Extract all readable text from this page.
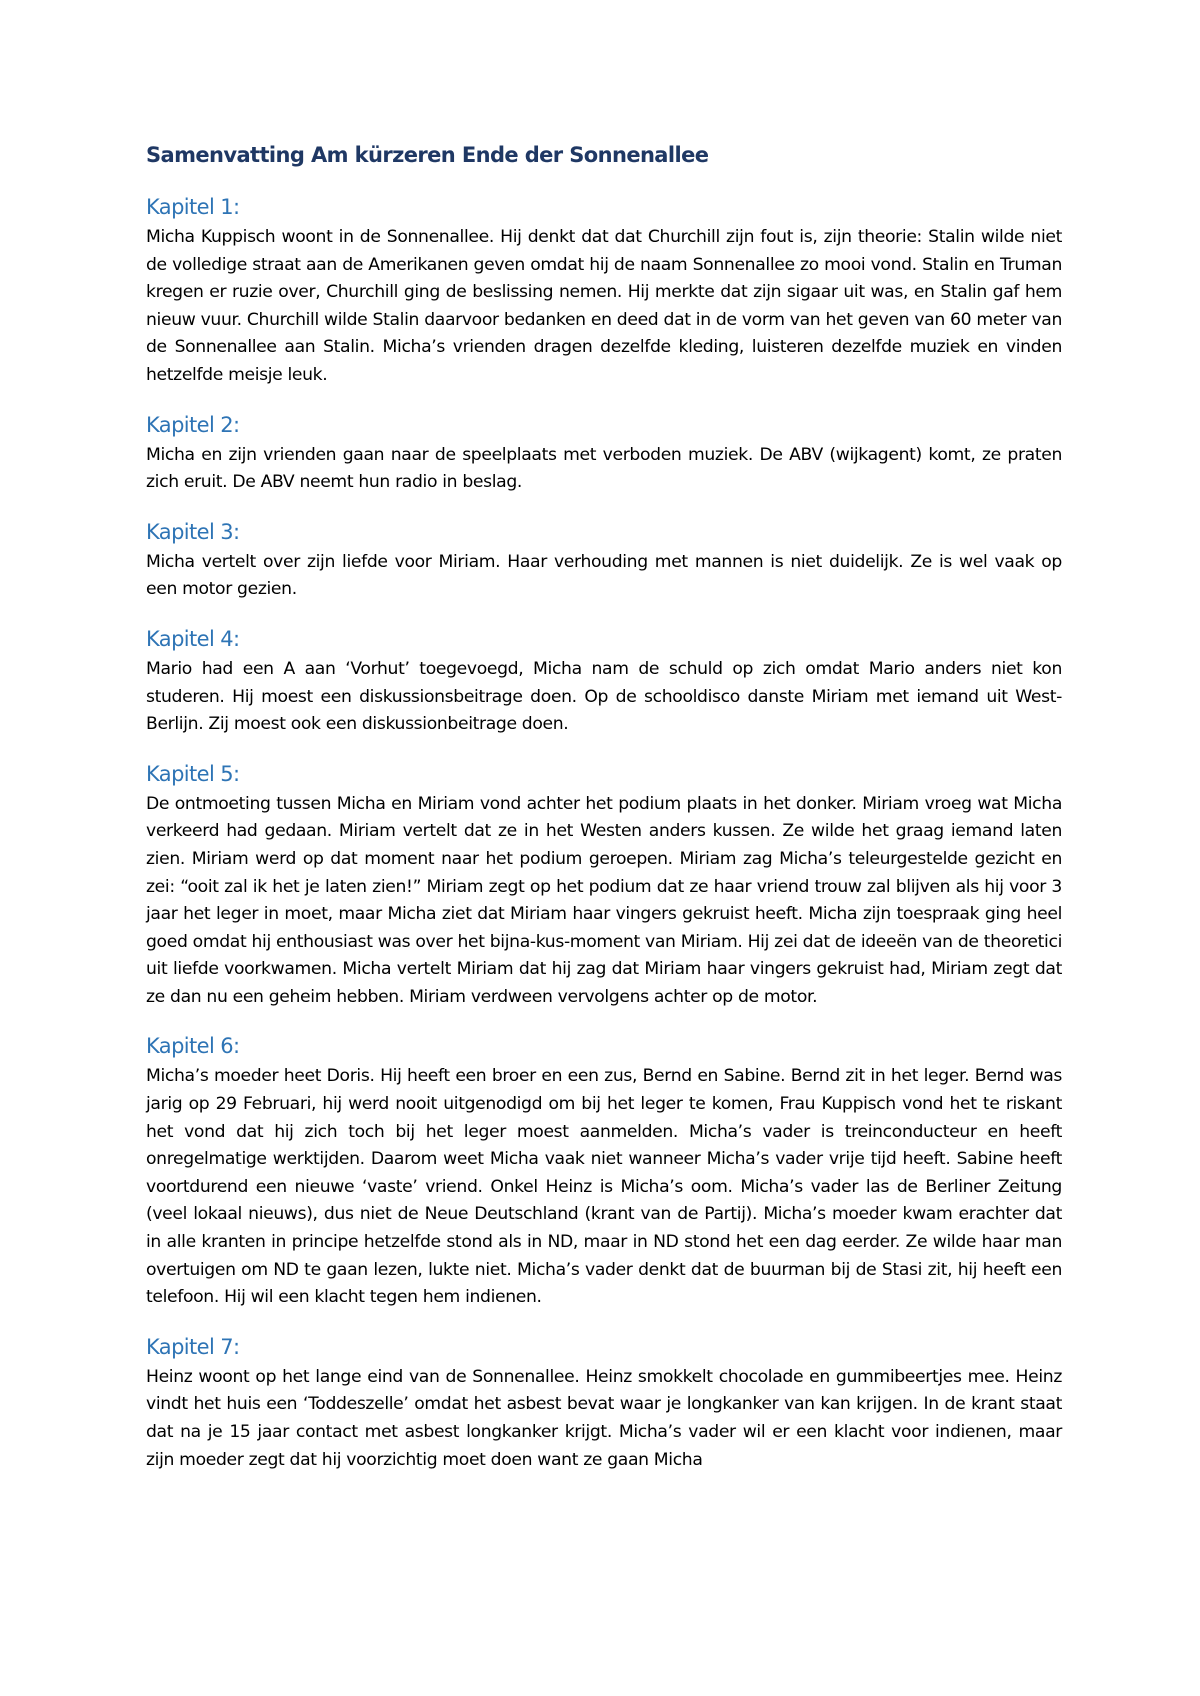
Samenvatting Am kürzeren Ende der Sonnenallee
Kapitel 1:

Micha Kuppisch woont in de Sonnenallee. Hij denkt dat dat Churchill zijn fout is, zijn theorie: Stalin wilde niet de volledige straat aan de Amerikanen geven omdat hij de naam Sonnenallee zo mooi vond. Stalin en Truman kregen er ruzie over, Churchill ging de beslissing nemen. Hij merkte dat zijn sigaar uit was, en Stalin gaf hem nieuw vuur. Churchill wilde Stalin daarvoor bedanken en deed dat in de vorm van het geven van 60 meter van de Sonnenallee aan Stalin. Micha’s vrienden dragen dezelfde kleding, luisteren dezelfde muziek en vinden hetzelfde meisje leuk.

Kapitel 2:

Micha en zijn vrienden gaan naar de speelplaats met verboden muziek. De ABV (wijkagent) komt, ze praten zich eruit. De ABV neemt hun radio in beslag.

Kapitel 3:

Micha vertelt over zijn liefde voor Miriam. Haar verhouding met mannen is niet duidelijk. Ze is wel vaak op een motor gezien.

Kapitel 4:

Mario had een A aan ‘Vorhut’ toegevoegd, Micha nam de schuld op zich omdat Mario anders niet kon studeren. Hij moest een diskussionsbeitrage doen. Op de schooldisco danste Miriam met iemand uit West-Berlijn. Zij moest ook een diskussionbeitrage doen.

Kapitel 5:

De ontmoeting tussen Micha en Miriam vond achter het podium plaats in het donker. Miriam vroeg wat Micha verkeerd had gedaan. Miriam vertelt dat ze in het Westen anders kussen. Ze wilde het graag iemand laten zien. Miriam werd op dat moment naar het podium geroepen. Miriam zag Micha’s teleurgestelde gezicht en zei: “ooit zal ik het je laten zien!” Miriam zegt op het podium dat ze haar vriend trouw zal blijven als hij voor 3 jaar het leger in moet, maar Micha ziet dat Miriam haar vingers gekruist heeft. Micha zijn toespraak ging heel goed omdat hij enthousiast was over het bijna-kus-moment van Miriam. Hij zei dat de ideeën van de theoretici uit liefde voorkwamen. Micha vertelt Miriam dat hij zag dat Miriam haar vingers gekruist had, Miriam zegt dat ze dan nu een geheim hebben. Miriam verdween vervolgens achter op de motor.

Kapitel 6:

Micha’s moeder heet Doris. Hij heeft een broer en een zus, Bernd en Sabine. Bernd zit in het leger. Bernd was jarig op 29 Februari, hij werd nooit uitgenodigd om bij het leger te komen, Frau Kuppisch vond het te riskant het vond dat hij zich toch bij het leger moest aanmelden. Micha’s vader is treinconducteur en heeft onregelmatige werktijden. Daarom weet Micha vaak niet wanneer Micha’s vader vrije tijd heeft. Sabine heeft voortdurend een nieuwe ‘vaste’ vriend. Onkel Heinz is Micha’s oom. Micha’s vader las de Berliner Zeitung (veel lokaal nieuws), dus niet de Neue Deutschland (krant van de Partij). Micha’s moeder kwam erachter dat in alle kranten in principe hetzelfde stond als in ND, maar in ND stond het een dag eerder. Ze wilde haar man overtuigen om ND te gaan lezen, lukte niet. Micha’s vader denkt dat de buurman bij de Stasi zit, hij heeft een telefoon. Hij wil een klacht tegen hem indienen.

Kapitel 7:

Heinz woont op het lange eind van de Sonnenallee. Heinz smokkelt chocolade en gummibeertjes mee. Heinz vindt het huis een ‘Toddeszelle’ omdat het asbest bevat waar je longkanker van kan krijgen. In de krant staat dat na je 15 jaar contact met asbest longkanker krijgt. Micha’s vader wil er een klacht voor indienen, maar zijn moeder zegt dat hij voorzichtig moet doen want ze gaan Micha
